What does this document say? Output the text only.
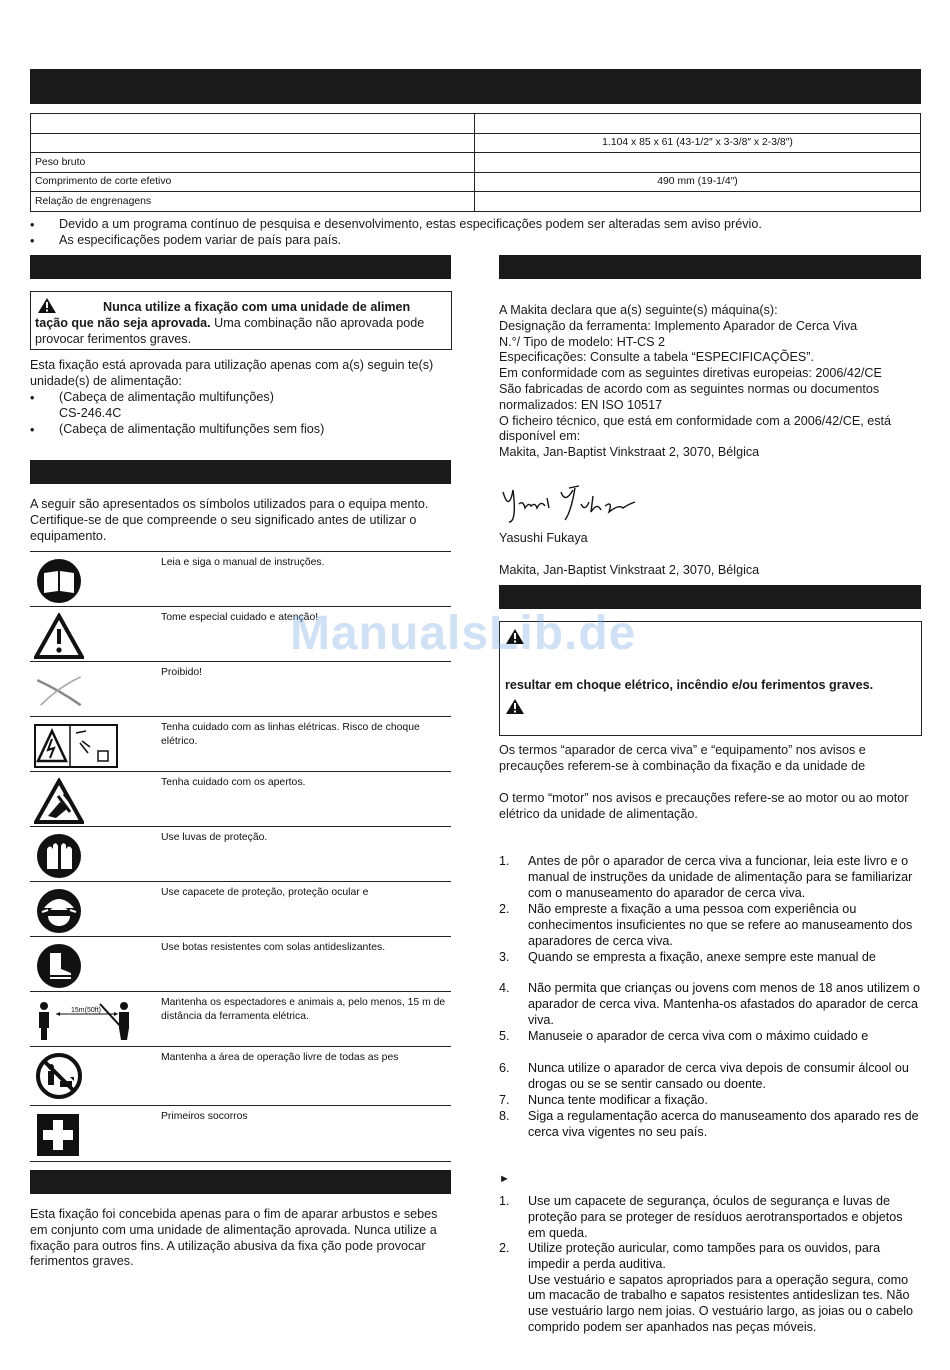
	1.104 x 85 x 61 (43-1/2″ x 3-3/8″ x 2-3/8″)
Peso bruto	
Comprimento de corte efetivo	490 mm (19-1/4″)
Relação de engrenagens	
• Devido a um programa contínuo de pesquisa e desenvolvimento, estas especificações podem ser alteradas sem aviso prévio.
• As especificações podem variar de país para país.
Nunca utilize a fixação com uma unidade de alimen tação que não seja aprovada. Uma combinação não aprovada pode provocar ferimentos graves.
Esta fixação está aprovada para utilização apenas com a(s) seguin te(s) unidade(s) de alimentação:
• (Cabeça de alimentação multifunções)
CS-246.4C
• (Cabeça de alimentação multifunções sem fios)
A seguir são apresentados os símbolos utilizados para o equipa mento. Certifique-se de que compreende o seu significado antes de utilizar o equipamento.
Leia e siga o manual de instruções.
Tome especial cuidado e atenção!
Proibido!
Tenha cuidado com as linhas elétricas. Risco de choque elétrico.
Tenha cuidado com os apertos.
Use luvas de proteção.
Use capacete de proteção, proteção ocular e
Use botas resistentes com solas antideslizantes.
15m(50ft)
Mantenha os espectadores e animais a, pelo menos, 15 m de distância da ferramenta elétrica.
Mantenha a área de operação livre de todas as pes
Primeiros socorros
Esta fixação foi concebida apenas para o fim de aparar arbustos e sebes em conjunto com uma unidade de alimentação aprovada. Nunca utilize a fixação para outros fins. A utilização abusiva da fixa ção pode provocar ferimentos graves.
A Makita declara que a(s) seguinte(s) máquina(s):
Designação da ferramenta: Implemento Aparador de Cerca Viva
N.°/ Tipo de modelo: HT-CS 2
Especificações: Consulte a tabela “ESPECIFICAÇÕES”.
Em conformidade com as seguintes diretivas europeias: 2006/42/CE
São fabricadas de acordo com as seguintes normas ou documentos normalizados: EN ISO 10517
O ficheiro técnico, que está em conformidade com a 2006/42/CE, está disponível em:
Makita, Jan-Baptist Vinkstraat 2, 3070, Bélgica
Yasushi Fukaya
Yasushi Fukaya
Makita, Jan-Baptist Vinkstraat 2, 3070, Bélgica
resultar em choque elétrico, incêndio e/ou ferimentos graves.
Os termos “aparador de cerca viva” e “equipamento” nos avisos e precauções referem-se à combinação da fixação e da unidade de
O termo “motor” nos avisos e precauções refere-se ao motor ou ao motor elétrico da unidade de alimentação.
1. Antes de pôr o aparador de cerca viva a funcionar, leia este livro e o manual de instruções da unidade de alimentação para se familiarizar com o manuseamento do aparador de cerca viva.
2. Não empreste a fixação a uma pessoa com experiência ou conhecimentos insuficientes no que se refere ao manuseamento dos aparadores de cerca viva.
3. Quando se empresta a fixação, anexe sempre este manual de
4. Não permita que crianças ou jovens com menos de 18 anos utilizem o aparador de cerca viva. Mantenha-os afastados do aparador de cerca viva.
5. Manuseie o aparador de cerca viva com o máximo cuidado e
6. Nunca utilize o aparador de cerca viva depois de consumir álcool ou drogas ou se se sentir cansado ou doente.
7. Nunca tente modificar a fixação.
8. Siga a regulamentação acerca do manuseamento dos aparado res de cerca viva vigentes no seu país.
►
1. Use um capacete de segurança, óculos de segurança e luvas de proteção para se proteger de resíduos aerotransportados e objetos em queda.
2. Utilize proteção auricular, como tampões para os ouvidos, para impedir a perda auditiva.
Use vestuário e sapatos apropriados para a operação segura, como um macacão de trabalho e sapatos resistentes antideslizan tes. Não use vestuário largo nem joias. O vestuário largo, as joias ou o cabelo comprido podem ser apanhados nas peças móveis.
ManualsLib.de
